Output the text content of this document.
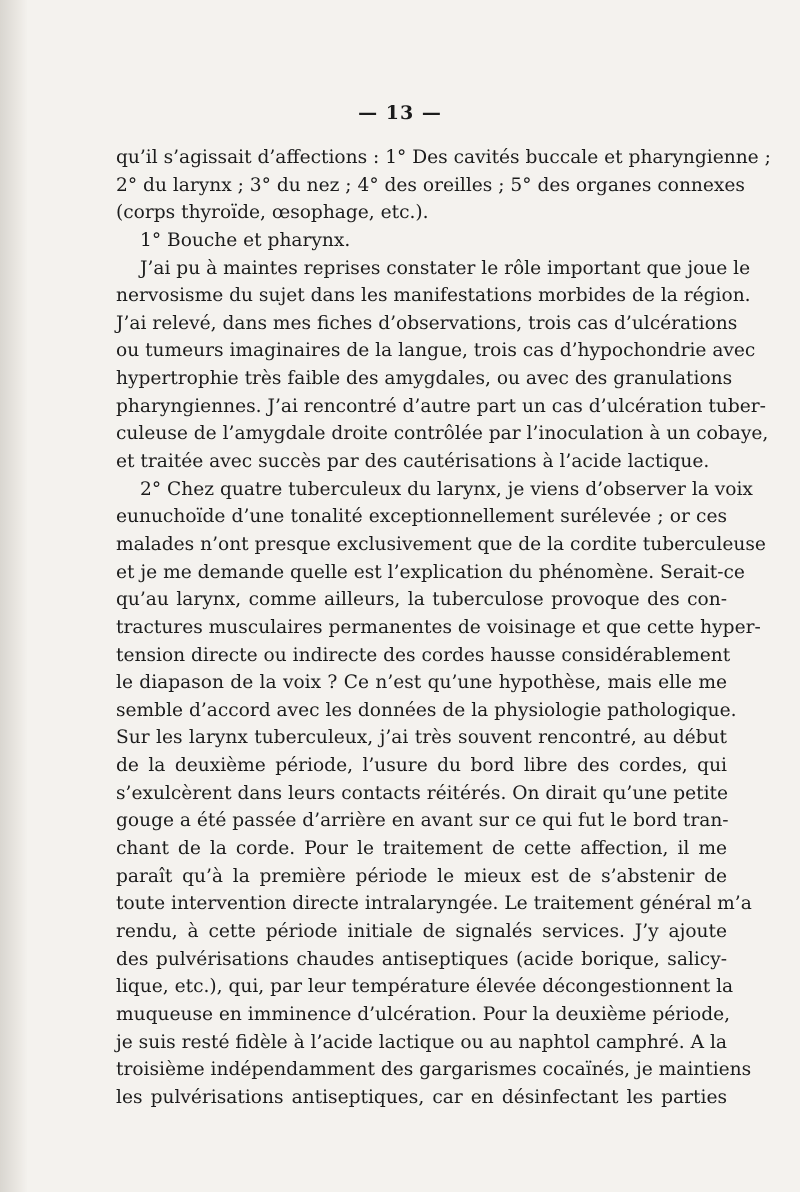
— 13 —
qu’il s’agissait d’affections : 1° Des cavités buccale et pharyngienne ;
2° du larynx ; 3° du nez ; 4° des oreilles ; 5° des organes connexes
(corps thyroïde, œsophage, etc.).
1° Bouche et pharynx.
J’ai pu à maintes reprises constater le rôle important que joue le
nervosisme du sujet dans les manifestations morbides de la région.
J’ai relevé, dans mes fiches d’observations, trois cas d’ulcérations
ou tumeurs imaginaires de la langue, trois cas d’hypochondrie avec
hypertrophie très faible des amygdales, ou avec des granulations
pharyngiennes. J’ai rencontré d’autre part un cas d’ulcération tuber-
culeuse de l’amygdale droite contrôlée par l’inoculation à un cobaye,
et traitée avec succès par des cautérisations à l’acide lactique.
2° Chez quatre tuberculeux du larynx, je viens d’observer la voix
eunuchoïde d’une tonalité exceptionnellement surélevée ; or ces
malades n’ont presque exclusivement que de la cordite tuberculeuse
et je me demande quelle est l’explication du phénomène. Serait-ce
qu’au larynx, comme ailleurs, la tuberculose provoque des con-
tractures musculaires permanentes de voisinage et que cette hyper-
tension directe ou indirecte des cordes hausse considérablement
le diapason de la voix ? Ce n’est qu’une hypothèse, mais elle me
semble d’accord avec les données de la physiologie pathologique.
Sur les larynx tuberculeux, j’ai très souvent rencontré, au début
de la deuxième période, l’usure du bord libre des cordes, qui
s’exulcèrent dans leurs contacts réitérés. On dirait qu’une petite
gouge a été passée d’arrière en avant sur ce qui fut le bord tran-
chant de la corde. Pour le traitement de cette affection, il me
paraît qu’à la première période le mieux est de s’abstenir de
toute intervention directe intralaryngée. Le traitement général m’a
rendu, à cette période initiale de signalés services. J’y ajoute
des pulvérisations chaudes antiseptiques (acide borique, salicy-
lique, etc.), qui, par leur température élevée décongestionnent la
muqueuse en imminence d’ulcération. Pour la deuxième période,
je suis resté fidèle à l’acide lactique ou au naphtol camphré. A la
troisième indépendamment des gargarismes cocaïnés, je maintiens
les pulvérisations antiseptiques, car en désinfectant les parties
